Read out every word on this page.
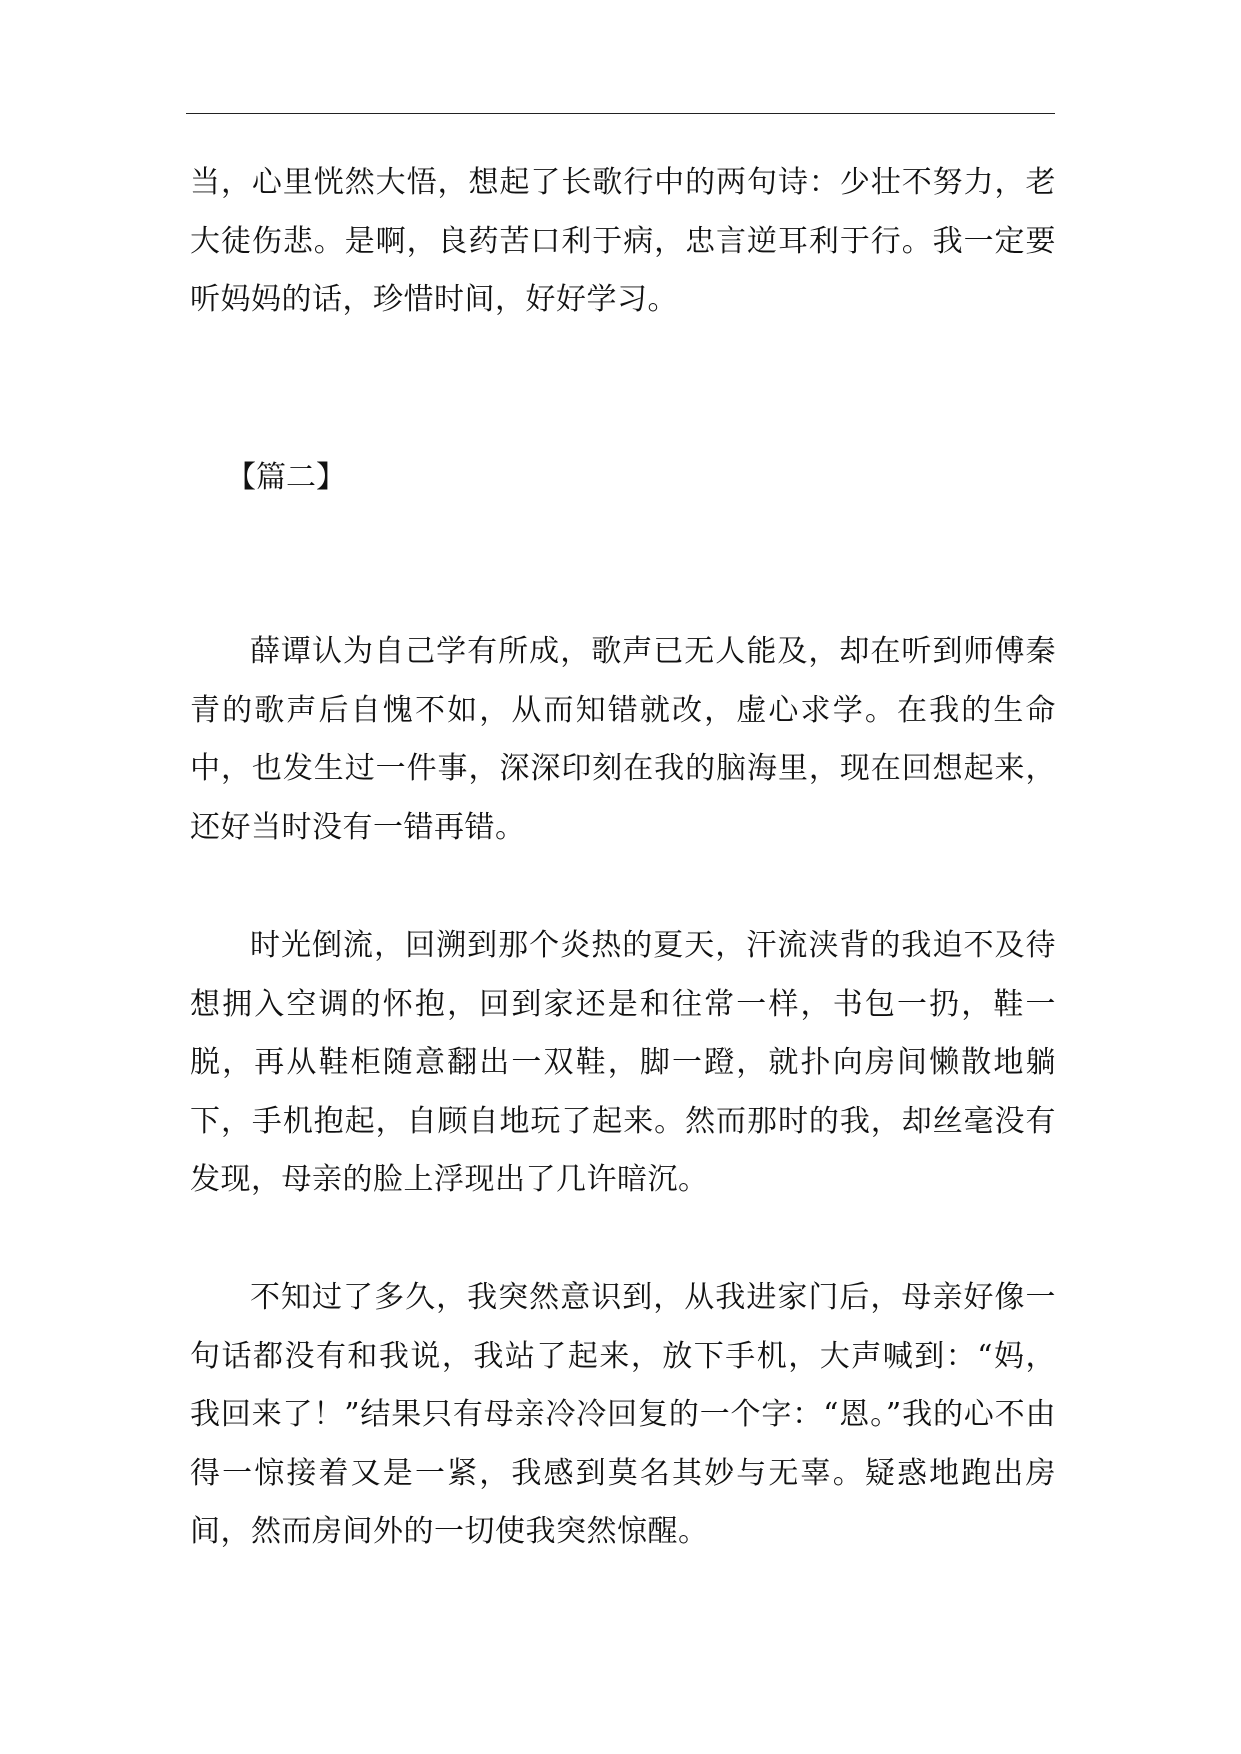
当，心里恍然大悟，想起了长歌行中的两句诗：少壮不努力，老大徒伤悲。是啊，良药苦口利于病，忠言逆耳利于行。我一定要听妈妈的话，珍惜时间，好好学习。

【篇二】

薛谭认为自己学有所成，歌声已无人能及，却在听到师傅秦青的歌声后自愧不如，从而知错就改，虚心求学。在我的生命中，也发生过一件事，深深印刻在我的脑海里，现在回想起来，还好当时没有一错再错。

时光倒流，回溯到那个炎热的夏天，汗流浃背的我迫不及待想拥入空调的怀抱，回到家还是和往常一样，书包一扔，鞋一脱，再从鞋柜随意翻出一双鞋，脚一蹬，就扑向房间懒散地躺下，手机抱起，自顾自地玩了起来。然而那时的我，却丝毫没有发现，母亲的脸上浮现出了几许暗沉。

不知过了多久，我突然意识到，从我进家门后，母亲好像一句话都没有和我说，我站了起来，放下手机，大声喊到：“妈，我回来了！”结果只有母亲冷冷回复的一个字：“恩。”我的心不由得一惊接着又是一紧，我感到莫名其妙与无辜。疑惑地跑出房间，然而房间外的一切使我突然惊醒。
